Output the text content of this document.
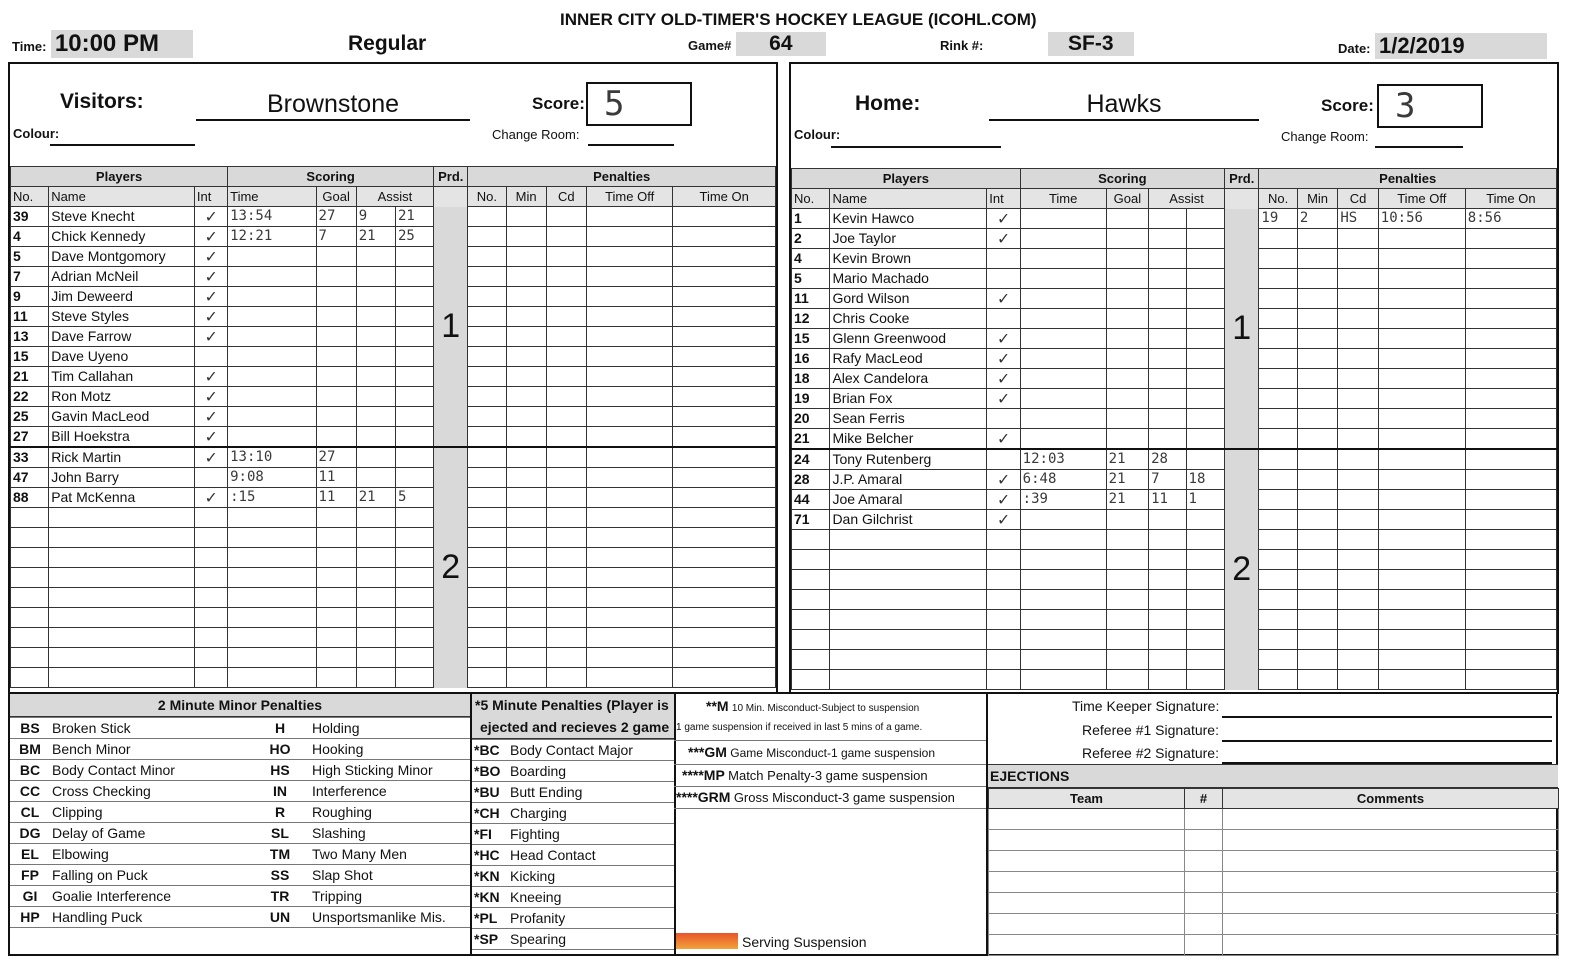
INNER CITY OLD-TIMER'S HOCKEY LEAGUE (ICOHL.COM)
Time: 10:00 PM	Regular	Game# 64	Rink #:	SF-3	Date: 1/2/2019
Visitors:	Brownstone
Colour:
Score: 5
Change Room:
Players			Scoring				Prd.	Penalties				
No.	Name	Int	Time	Goal	Assist			No.	Min	Cd	Time Off	Time On
39	Steve Knecht	✓	13:54	27	9	21	1					
4	Chick Kennedy	✓	12:21	7	21	25						
5	Dave Montgomory	✓										
7	Adrian McNeil	✓										
9	Jim Deweerd	✓										
11	Steve Styles	✓										
13	Dave Farrow	✓										
15	Dave Uyeno											
21	Tim Callahan	✓										
22	Ron Motz	✓										
25	Gavin MacLeod	✓										
27	Bill Hoekstra	✓										
33	Rick Martin	✓	13:10	27			2					
47	John Barry		9:08	11								
88	Pat McKenna	✓	:15	11	21	5						

Home:	Hawks
Colour:
Score: 3
Change Room:
Players			Scoring				Prd.	Penalties				
No.	Name	Int	Time	Goal	Assist			No.	Min	Cd	Time Off	Time On
1	Kevin Hawco	✓					1	19	2	HS	10:56	8:56
2	Joe Taylor	✓										
4	Kevin Brown											
5	Mario Machado											
11	Gord Wilson	✓										
12	Chris Cooke											
15	Glenn Greenwood	✓										
16	Rafy MacLeod	✓										
18	Alex Candelora	✓										
19	Brian Fox	✓										
20	Sean Ferris											
21	Mike Belcher	✓										
24	Tony Rutenberg		12:03	21	28		2					
28	J.P. Amaral	✓	6:48	21	7	18						
44	Joe Amaral	✓	:39	21	11	1						
71	Dan Gilchrist	✓										

2 Minute Minor Penalties
BS	Broken Stick	H	Holding
BM	Bench Minor	HO	Hooking
BC	Body Contact Minor	HS	High Sticking Minor
CC	Cross Checking	IN	Interference
CL	Clipping	R	Roughing
DG	Delay of Game	SL	Slashing
EL	Elbowing	TM	Two Many Men
FP	Falling on Puck	SS	Slap Shot
GI	Goalie Interference	TR	Tripping
HP	Handling Puck	UN	Unsportsmanlike Mis.
*5 Minute Penalties (Player is
ejected and recieves 2 game
*BC	Body Contact Major
*BO	Boarding
*BU	Butt Ending
*CH	Charging
*FI	Fighting
*HC	Head Contact
*KN	Kicking
*KN	Kneeing
*PL	Profanity
*SP	Spearing
**M 10 Min. Misconduct-Subject to suspension
1 game suspension if received in last 5 mins of a game.
***GM Game Misconduct-1 game suspension
****MP Match Penalty-3 game suspension
****GRM Gross Misconduct-3 game suspension
Serving Suspension
Time Keeper Signature:
Referee #1 Signature:
Referee #2 Signature:
EJECTIONS
Team	#	Comments
